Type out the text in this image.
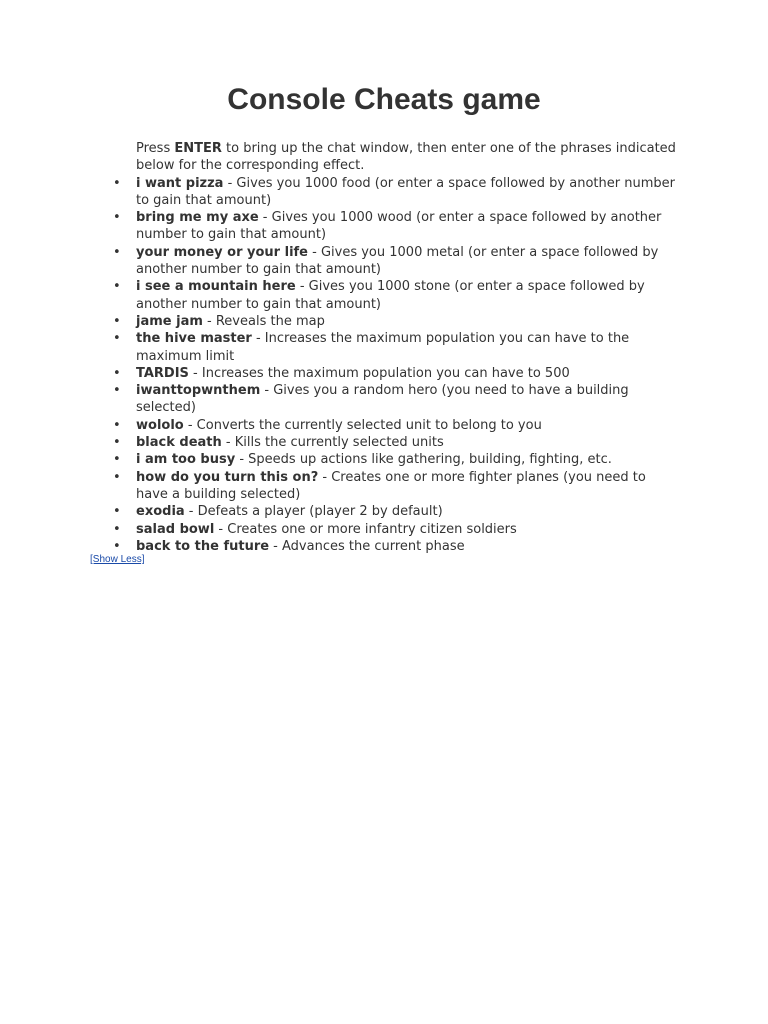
Console Cheats game

Press ENTER to bring up the chat window, then enter one of the phrases indicated below for the corresponding effect.

• i want pizza - Gives you 1000 food (or enter a space followed by another number to gain that amount)
• bring me my axe - Gives you 1000 wood (or enter a space followed by another number to gain that amount)
• your money or your life - Gives you 1000 metal (or enter a space followed by another number to gain that amount)
• i see a mountain here - Gives you 1000 stone (or enter a space followed by another number to gain that amount)
• jame jam - Reveals the map
• the hive master - Increases the maximum population you can have to the maximum limit
• TARDIS - Increases the maximum population you can have to 500
• iwanttopwnthem - Gives you a random hero (you need to have a building selected)
• wololo - Converts the currently selected unit to belong to you
• black death - Kills the currently selected units
• i am too busy - Speeds up actions like gathering, building, fighting, etc.
• how do you turn this on? - Creates one or more fighter planes (you need to have a building selected)
• exodia - Defeats a player (player 2 by default)
• salad bowl - Creates one or more infantry citizen soldiers
• back to the future - Advances the current phase
[Show Less]
